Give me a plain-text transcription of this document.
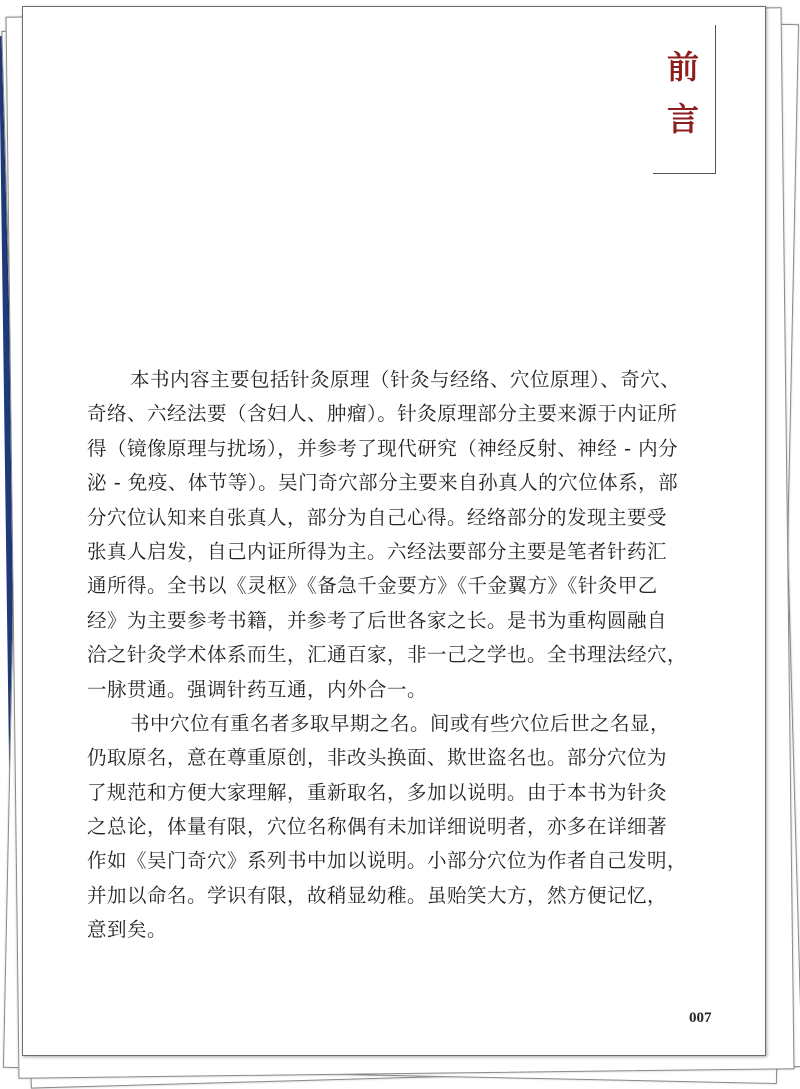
前
言
本书内容主要包括针灸原理（针灸与经络、穴位原理）、奇穴、
奇络、六经法要（含妇人、肿瘤）。针灸原理部分主要来源于内证所
得（镜像原理与扰场），并参考了现代研究（神经反射、神经 - 内分
泌 - 免疫、体节等）。吴门奇穴部分主要来自孙真人的穴位体系，部
分穴位认知来自张真人，部分为自己心得。经络部分的发现主要受
张真人启发，自己内证所得为主。六经法要部分主要是笔者针药汇
通所得。全书以《灵枢》《备急千金要方》《千金翼方》《针灸甲乙
经》为主要参考书籍，并参考了后世各家之长。是书为重构圆融自
洽之针灸学术体系而生，汇通百家，非一己之学也。全书理法经穴，
一脉贯通。强调针药互通，内外合一。
书中穴位有重名者多取早期之名。间或有些穴位后世之名显，
仍取原名，意在尊重原创，非改头换面、欺世盗名也。部分穴位为
了规范和方便大家理解，重新取名，多加以说明。由于本书为针灸
之总论，体量有限，穴位名称偶有未加详细说明者，亦多在详细著
作如《吴门奇穴》系列书中加以说明。小部分穴位为作者自己发明，
并加以命名。学识有限，故稍显幼稚。虽贻笑大方，然方便记忆，
意到矣。
007
